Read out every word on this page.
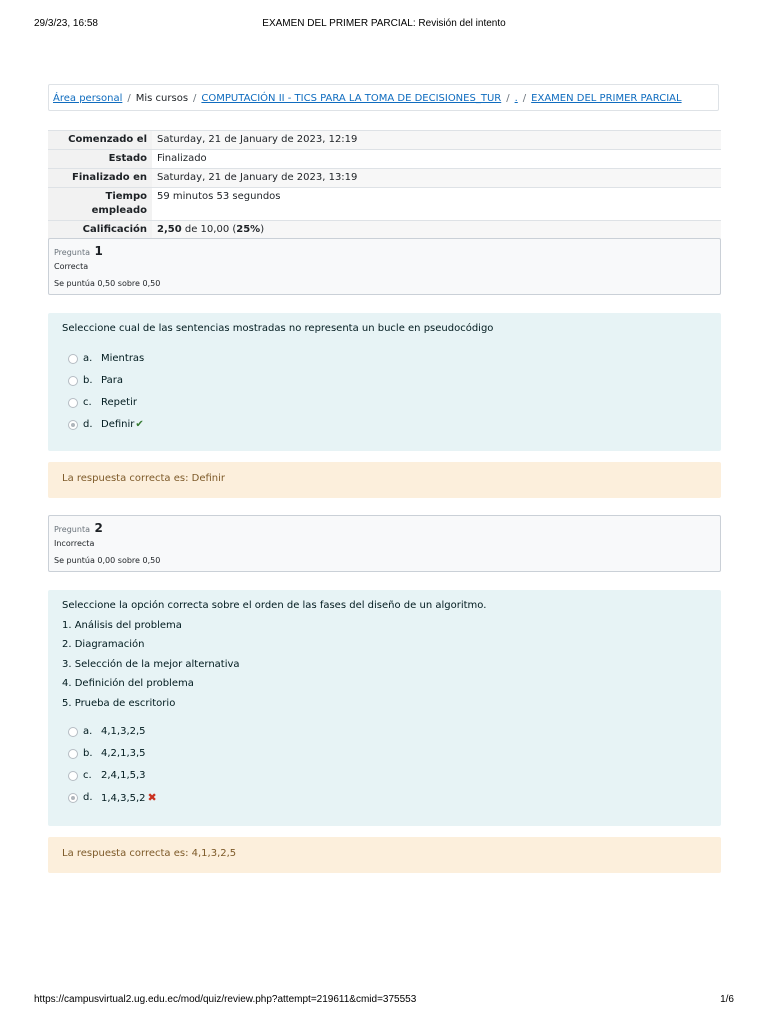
29/3/23, 16:58	EXAMEN DEL PRIMER PARCIAL: Revisión del intento
Área personal / Mis cursos / COMPUTACIÓN II - TICS PARA LA TOMA DE DECISIONES_TUR / . / EXAMEN DEL PRIMER PARCIAL
Comenzado el	Saturday, 21 de January de 2023, 12:19
Estado	Finalizado
Finalizado en	Saturday, 21 de January de 2023, 13:19
Tiempo empleado	59 minutos 53 segundos
Calificación	2,50 de 10,00 (25%)
Pregunta 1
Correcta
Se puntúa 0,50 sobre 0,50

Seleccione cual de las sentencias mostradas no representa un bucle en pseudocódigo

a. Mientras
b. Para
c. Repetir
d. Definir✔
La respuesta correcta es: Definir
Pregunta 2
Incorrecta
Se puntúa 0,00 sobre 0,50

Seleccione la opción correcta sobre el orden de las fases del diseño de un algoritmo.

1. Análisis del problema

2. Diagramación

3. Selección de la mejor alternativa

4. Definición del problema

5. Prueba de escritorio

a. 4,1,3,2,5
b. 4,2,1,3,5
c. 2,4,1,5,3
d. 1,4,3,5,2 ✖
La respuesta correcta es: 4,1,3,2,5
https://campusvirtual2.ug.edu.ec/mod/quiz/review.php?attempt=219611&cmid=375553	1/6
